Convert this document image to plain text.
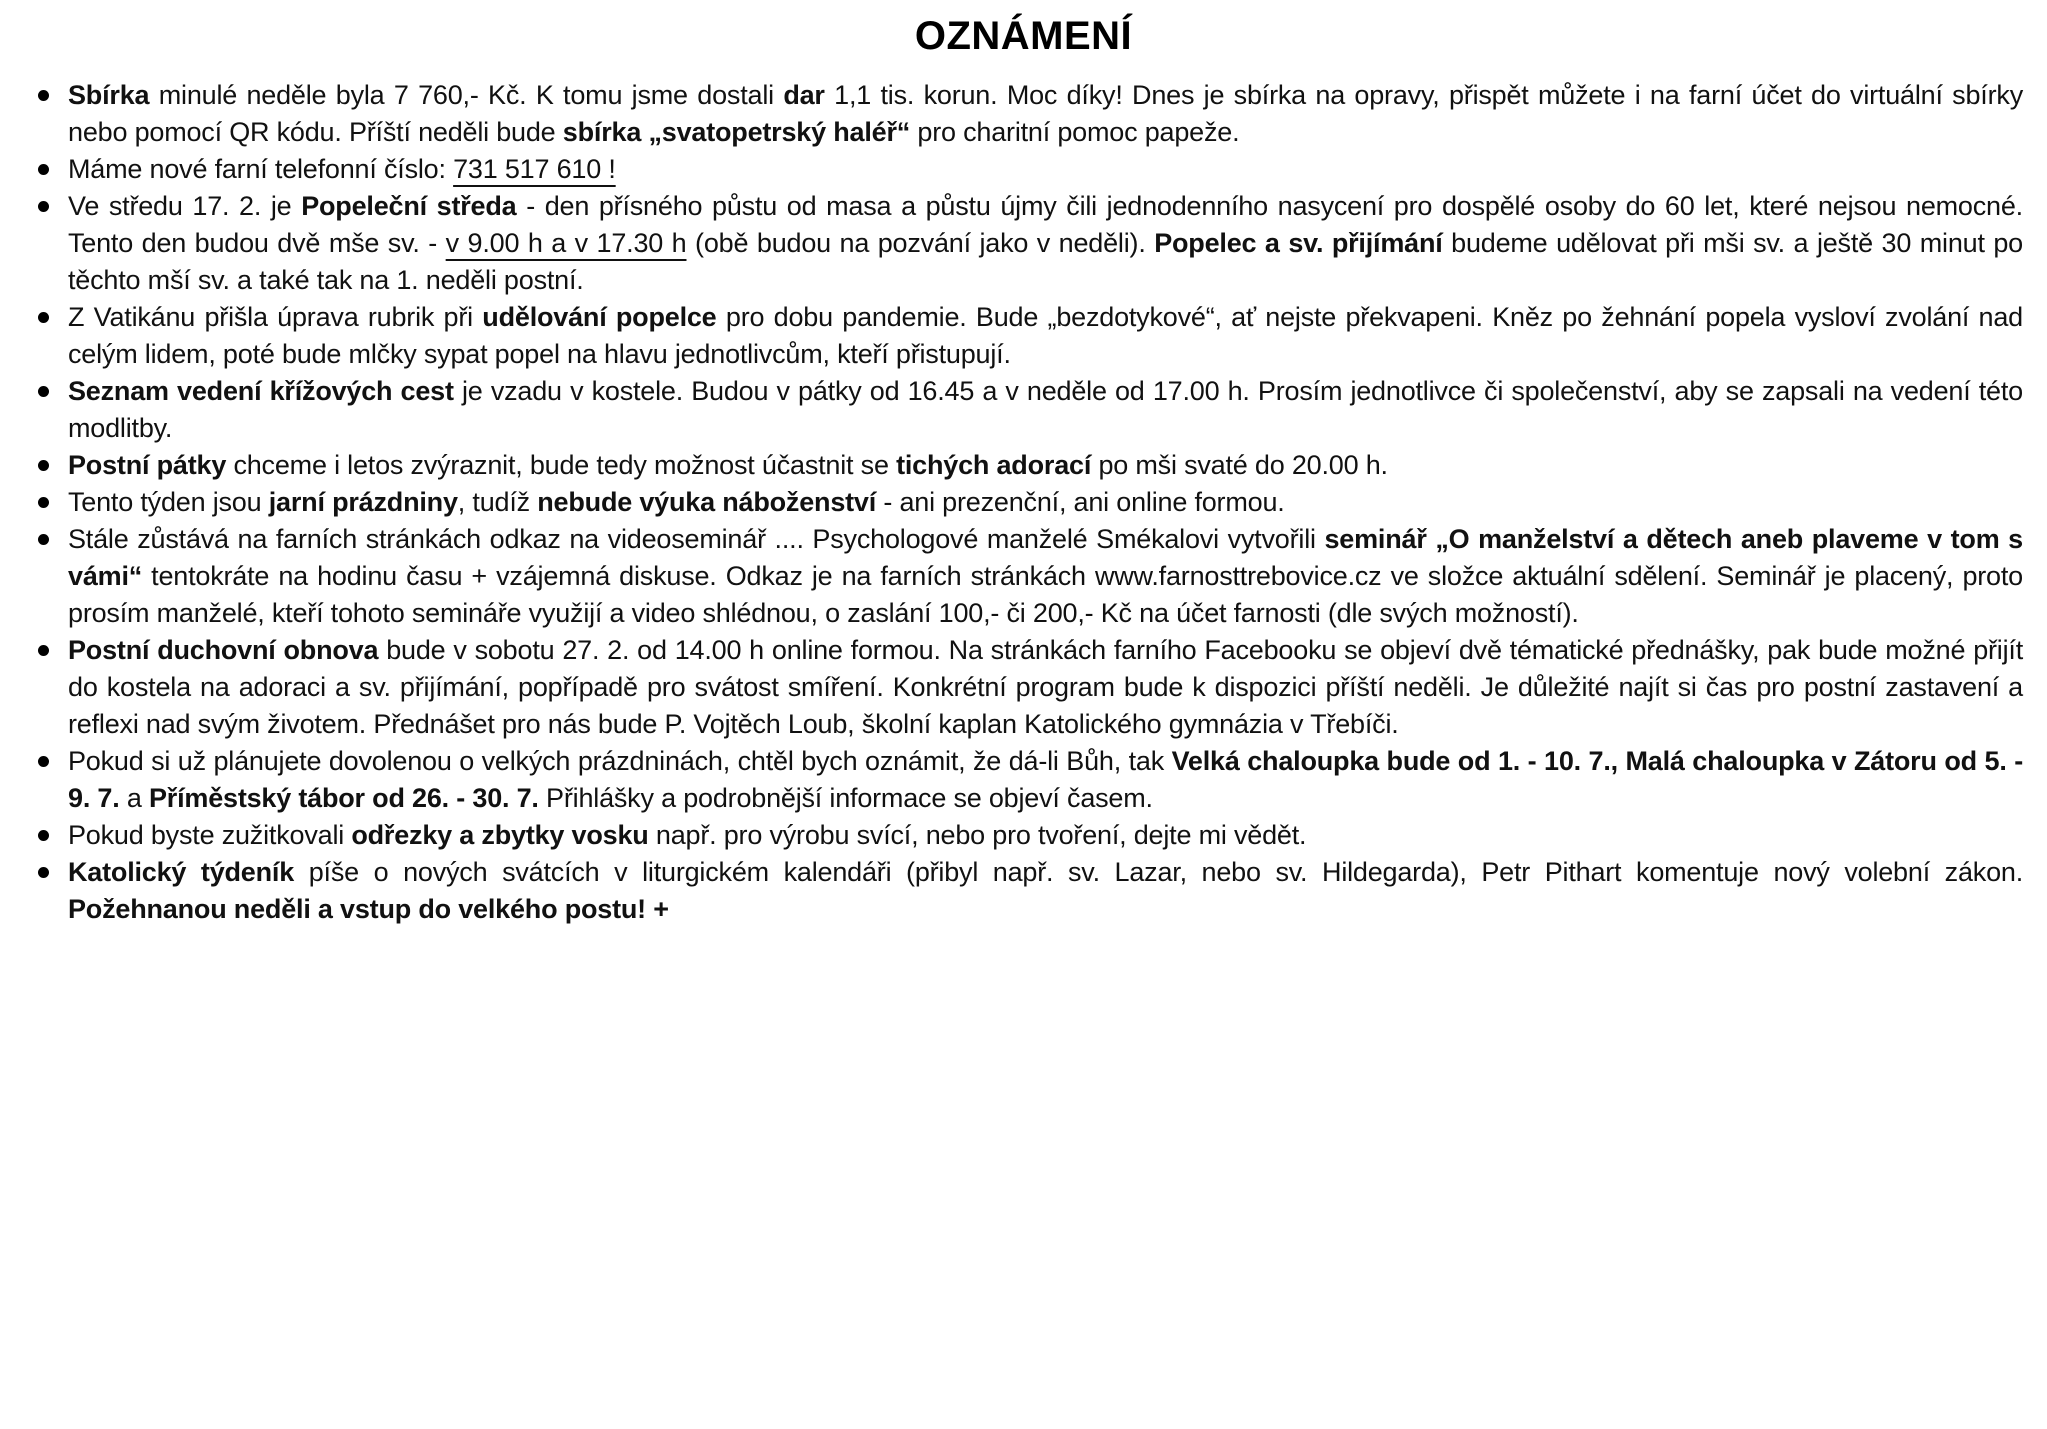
OZNÁMENÍ
Sbírka minulé neděle byla 7 760,- Kč. K tomu jsme dostali dar 1,1 tis. korun. Moc díky! Dnes je sbírka na opravy, přispět můžete i na farní účet do virtuální sbírky nebo pomocí QR kódu. Příští neděli bude sbírka „svatopetrský haléř“ pro charitní pomoc papeže.
Máme nové farní telefonní číslo: 731 517 610 !
Ve středu 17. 2. je Popeleční středa - den přísného půstu od masa a půstu újmy čili jednodenního nasycení pro dospělé osoby do 60 let, které nejsou nemocné. Tento den budou dvě mše sv. - v 9.00 h a v 17.30 h (obě budou na pozvání jako v neděli). Popelec a sv. přijímání budeme udělovat při mši sv. a ještě 30 minut po těchto mší sv. a také tak na 1. neděli postní.
Z Vatikánu přišla úprava rubrik při udělování popelce pro dobu pandemie. Bude „bezdotykové“, ať nejste překvapeni. Kněz po žehnání popela vysloví zvolání nad celým lidem, poté bude mlčky sypat popel na hlavu jednotlivcům, kteří přistupují.
Seznam vedení křížových cest je vzadu v kostele. Budou v pátky od 16.45 a v neděle od 17.00 h. Prosím jednotlivce či společenství, aby se zapsali na vedení této modlitby.
Postní pátky chceme i letos zvýraznit, bude tedy možnost účastnit se tichých adorací po mši svaté do 20.00 h.
Tento týden jsou jarní prázdniny, tudíž nebude výuka náboženství - ani prezenční, ani online formou.
Stále zůstává na farních stránkách odkaz na videoseminář .... Psychologové manželé Smékalovi vytvořili seminář „O manželství a dětech aneb plaveme v tom s vámi“ tentokráte na hodinu času + vzájemná diskuse. Odkaz je na farních stránkách www.farnosttrebovice.cz ve složce aktuální sdělení. Seminář je placený, proto prosím manželé, kteří tohoto semináře využijí a video shlédnou, o zaslání 100,- či 200,- Kč na účet farnosti (dle svých možností).
Postní duchovní obnova bude v sobotu 27. 2. od 14.00 h online formou. Na stránkách farního Facebooku se objeví dvě tématické přednášky, pak bude možné přijít do kostela na adoraci a sv. přijímání, popřípadě pro svátost smíření. Konkrétní program bude k dispozici příští neděli. Je důležité najít si čas pro postní zastavení a reflexi nad svým životem. Přednášet pro nás bude P. Vojtěch Loub, školní kaplan Katolického gymnázia v Třebíči.
Pokud si už plánujete dovolenou o velkých prázdninách, chtěl bych oznámit, že dá-li Bůh, tak Velká chaloupka bude od 1. - 10. 7., Malá chaloupka v Zátoru od 5. - 9. 7. a Příměstský tábor od 26. - 30. 7. Přihlášky a podrobnější informace se objeví časem.
Pokud byste zužitkovali odřezky a zbytky vosku např. pro výrobu svící, nebo pro tvoření, dejte mi vědět.
Katolický týdeník píše o nových svátcích v liturgickém kalendáři (přibyl např. sv. Lazar, nebo sv. Hildegarda), Petr Pithart komentuje nový volební zákon. Požehnanou neděli a vstup do velkého postu! +
